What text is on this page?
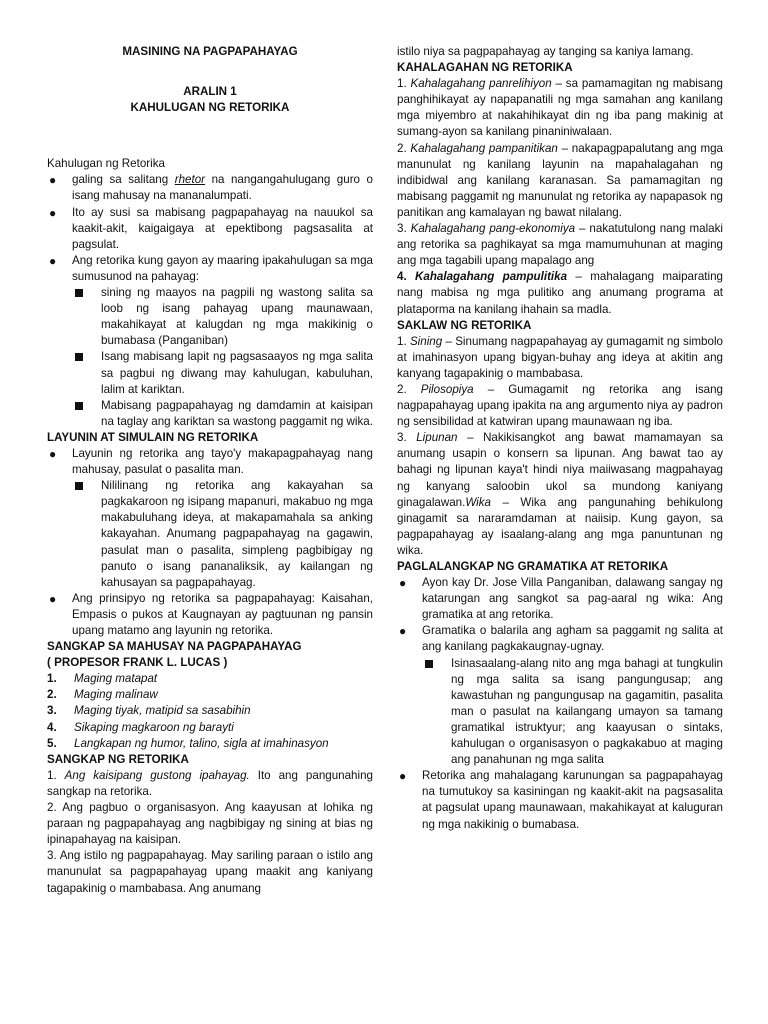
MASINING NA PAGPAPAHAYAG

ARALIN 1

KAHULUGAN NG RETORIKA

Kahulugan ng Retorika

● galing sa salitang rhetor na nangangahulugang guro o isang mahusay na mananalumpati.
● Ito ay susi sa mabisang pagpapahayag na nauukol sa kaakit-akit, kaigaigaya at epektibong pagsasalita at pagsulat.
● Ang retorika kung gayon ay maaring ipakahulugan sa mga sumusunod na pahayag:
sining ng maayos na pagpili ng wastong salita sa loob ng isang pahayag upang maunawaan, makahikayat at kalugdan ng mga makikinig o bumabasa (Panganiban)
Isang mabisang lapit ng pagsasaayos ng mga salita sa pagbui ng diwang may kahulugan, kabuluhan, lalim at kariktan.
Mabisang pagpapahayag ng damdamin at kaisipan na taglay ang kariktan sa wastong paggamit ng wika.

LAYUNIN AT SIMULAIN NG RETORIKA

● Layunin ng retorika ang tayo'y makapagpahayag nang mahusay, pasulat o pasalita man.
Nililinang ng retorika ang kakayahan sa pagkakaroon ng isipang mapanuri, makabuo ng mga makabuluhang ideya, at makapamahala sa anking kakayahan. Anumang pagpapahayag na gagawin, pasulat man o pasalita, simpleng pagbibigay ng panuto o isang pananaliksik, ay kailangan ng kahusayan sa pagpapahayag.
● Ang prinsipyo ng retorika sa pagpapahayag: Kaisahan, Empasis o pukos at Kaugnayan ay pagtuunan ng pansin upang matamo ang layunin ng retorika.

SANGKAP SA MAHUSAY NA PAGPAPAHAYAG

( PROPESOR FRANK L. LUCAS )

1. Maging matapat
2. Maging malinaw
3. Maging tiyak, matipid sa sasabihin
4. Sikaping magkaroon ng barayti
5. Langkapan ng humor, talino, sigla at imahinasyon

SANGKAP NG RETORIKA

1. Ang kaisipang gustong ipahayag. Ito ang pangunahing sangkap na retorika.

2. Ang pagbuo o organisasyon. Ang kaayusan at lohika ng paraan ng pagpapahayag ang nagbibigay ng sining at bias ng ipinapahayag na kaisipan.

3. Ang istilo ng pagpapahayag. May sariling paraan o istilo ang manunulat sa pagpapahayag upang maakit ang kaniyang tagapakinig o mambabasa. Ang anumang

istilo niya sa pagpapahayag ay tanging sa kaniya lamang.

KAHALAGAHAN NG RETORIKA

1. Kahalagahang panrelihiyon – sa pamamagitan ng mabisang panghihikayat ay napapanatili ng mga samahan ang kanilang mga miyembro at nakahihikayat din ng iba pang makinig at sumang-ayon sa kanilang pinaniniwalaan.

2. Kahalagahang pampanitikan – nakapagpapalutang ang mga manunulat ng kanilang layunin na mapahalagahan ng indibidwal ang kanilang karanasan. Sa pamamagitan ng mabisang paggamit ng manunulat ng retorika ay napapasok ng panitikan ang kamalayan ng bawat nilalang.

3. Kahalagahang pang-ekonomiya – nakatutulong nang malaki ang retorika sa paghikayat sa mga mamumuhunan at maging ang mga tagabili upang mapalago ang

4. Kahalagahang pampulitika – mahalagang maiparating nang mabisa ng mga pulitiko ang anumang programa at plataporma na kanilang ihahain sa madla.

SAKLAW NG RETORIKA

1. Sining – Sinumang nagpapahayag ay gumagamit ng simbolo at imahinasyon upang bigyan-buhay ang ideya at akitin ang kanyang tagapakinig o mambabasa.

2. Pilosopiya – Gumagamit ng retorika ang isang nagpapahayag upang ipakita na ang argumento niya ay padron ng sensibilidad at katwiran upang maunawaan ng iba.

3. Lipunan – Nakikisangkot ang bawat mamamayan sa anumang usapin o konsern sa lipunan. Ang bawat tao ay bahagi ng lipunan kaya't hindi niya maiiwasang magpahayag ng kanyang saloobin ukol sa mundong kaniyang ginagalawan.Wika – Wika ang pangunahing behikulong ginagamit sa nararamdaman at naiisip. Kung gayon, sa pagpapahayag ay isaalang-alang ang mga panuntunan ng wika.

PAGLALANGKAP NG GRAMATIKA AT RETORIKA

● Ayon kay Dr. Jose Villa Panganiban, dalawang sangay ng katarungan ang sangkot sa pag-aaral ng wika: Ang gramatika at ang retorika.
● Gramatika o balarila ang agham sa paggamit ng salita at ang kanilang pagkakaugnay-ugnay.
Isinasaalang-alang nito ang mga bahagi at tungkulin ng mga salita sa isang pangungusap; ang kawastuhan ng pangungusap na gagamitin, pasalita man o pasulat na kailangang umayon sa tamang gramatikal istruktyur; ang kaayusan o sintaks, kahulugan o organisasyon o pagkakabuo at maging ang panahunan ng mga salita
● Retorika ang mahalagang karunungan sa pagpapahayag na tumutukoy sa kasiningan ng kaakit-akit na pagsasalita at pagsulat upang maunawaan, makahikayat at kaluguran ng mga nakikinig o bumabasa.
